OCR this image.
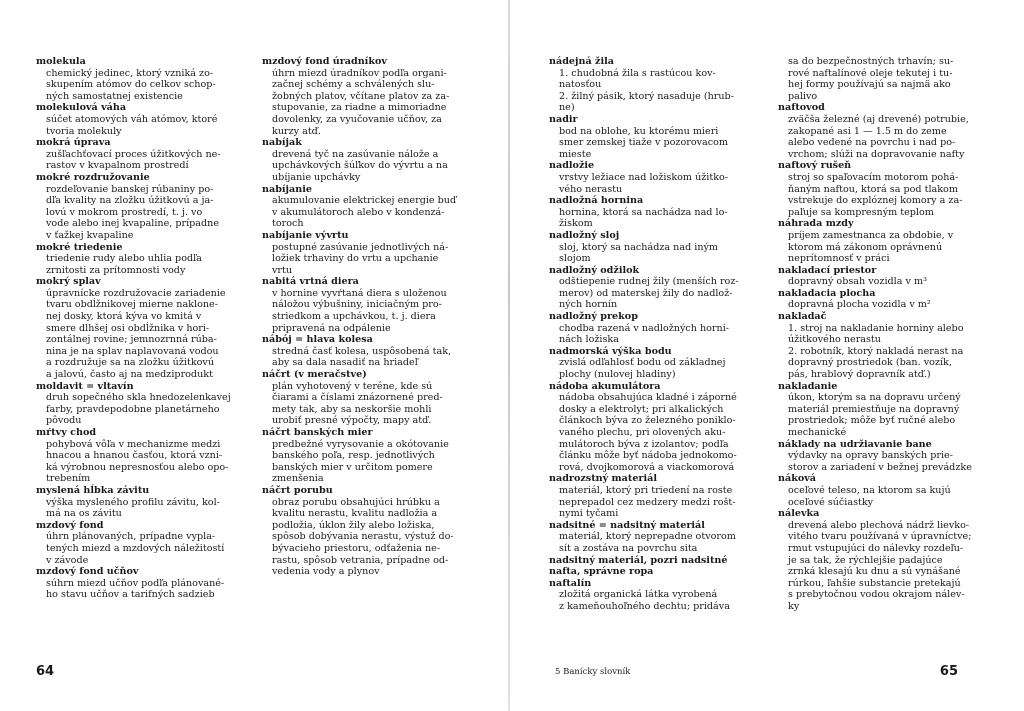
molekula
chemický jedinec, ktorý vzniká zo-
skupením atómov do celkov schop-
ných samostatnej existencie
molekulová váha
súčet atomových váh atómov, ktoré
tvoria molekuly
mokrá úprava
zušľachťovací proces úžitkových ne-
rastov v kvapalnom prostredí
mokré rozdružovanie
rozdeľovanie banskej rúbaniny po-
dľa kvality na zložku úžitkovú a ja-
lovú v mokrom prostredí, t. j. vo
vode alebo inej kvapaline, prípadne
v ťažkej kvapaline
mokré triedenie
triedenie rudy alebo uhlia podľa
zrnitosti za prítomnosti vody
mokrý splav
úpravnícke rozdružovacie zariadenie
tvaru obdĺžnikovej mierne naklone-
nej dosky, ktorá kýva vo kmitá v
smere dlhšej osi obdĺžnika v hori-
zontálnej rovine; jemnozrnná rúba-
nina je na splav naplavovaná vodou
a rozdružuje sa na zložku úžitkovú
a jalovú, často aj na medziprodukt
moldavit = vltavín
druh sopečného skla hnedozelenkavej
farby, pravdepodobne planetárneho
pôvodu
mŕtvy chod
pohybová vôľa v mechanizme medzi
hnacou a hnanou časťou, ktorá vzni-
ká výrobnou nepresnosťou alebo opo-
trebením
myslená hĺbka závitu
výška mysleného profilu závitu, kol-
má na os závitu
mzdový fond
úhrn plánovaných, prípadne vypla-
tených miezd a mzdových náležitostí
v závode
mzdový fond učňov
súhrn miezd učňov podľa plánované-
ho stavu učňov a tarifných sadzieb
mzdový fond úradníkov
úhrn miezd úradníkov podľa organi-
začnej schémy a schválených slu-
žobných platov, včítane platov za za-
stupovanie, za riadne a mimoriadne
dovolenky, za vyučovanie učňov, za
kurzy atď.
nabíjak
drevená tyč na zasúvanie náložе a
upchávkových šúľkov do vývrtu a na
ubíjanie upchávky
nabíjanie
akumulovanie elektrickej energie buď
v akumulátoroch alebo v kondenzá-
toroch
nabíjanie vývrtu
postupné zasúvanie jednotlivých ná-
ložiek trhaviny do vrtu a upchanie
vrtu
nabitá vrtná diera
v hornine vyvŕtaná diera s uloženou
náložou výbušniny, iniciačným pro-
striedkom a upchávkou, t. j. diera
pripravená na odpálenie
nábój = hlava kolesa
stredná časť kolesa, uspôsobená tak,
aby sa dala nasadiť na hriadeľ
náčrt (v meračstve)
plán vyhotovený v teréne, kde sú
čiarami a číslami znázornené pred-
mety tak, aby sa neskoršie mohli
urobiť presné výpočty, mapy atď.
náčrt banských mier
predbežné vyrysovanie a okótovanie
banského poľa, resp. jednotlivých
banských mier v určitom pomere
zmenšenia
náčrt porubu
obraz porubu obsahujúci hrúbku a
kvalitu nerastu, kvalitu nadložia a
podložia, úklon žily alebo ložiska,
spôsob dobývania nerastu, výstuž do-
bývacieho priestoru, odťaženia ne-
rastu, spôsob vetrania, prípadne od-
vedenia vody a plynov
64
nádejná žila
1. chudobná žila s rastúcou kov-
natosťou
2. žilný pásik, ktorý nasaduje (hrub-
ne)
nadir
bod na oblohe, ku ktorému mieri
smer zemskej tiaže v pozorovacom
mieste
nadložie
vrstvy ležiace nad ložiskom úžitko-
vého nerastu
nadložná hornina
hornina, ktorá sa nachádza nad lo-
žiskom
nadložný sloj
sloj, ktorý sa nachádza nad iným
slojom
nadložný odžilok
odštiepenie rudnej žily (menších roz-
merov) od materskej žily do nadlož-
ných hornín
nadložný prekop
chodba razená v nadložných horni-
nách ložiska
nadmorská výška bodu
zvislá odľahlosť bodu od základnej
plochy (nulovej hladiny)
nádoba akumulátora
nádoba obsahujúca kladné i záporné
dosky a elektrolyt; pri alkalických
článkoch býva zo železného poniklo-
vaného plechu, pri olovených aku-
mulátoroch býva z izolantov; podľa
článku môže byť nádoba jednokomo-
rová, dvojkomorová a viackomorová
nadrozstný materiál
materiál, ktorý pri triedení na roste
neprepadol cez medzery medzi rošt-
nymi tyčami
nadsitné = nadsitný materiál
materiál, ktorý neprepadne otvorom
sít a zostáva na povrchu sita
nadsitný materiál, pozri nadsitné
nafta, správne ropa
naftalín
zložitá organická látka vyrobená
z kameňouhoľného dechtu; pridáva
sa do bezpečnostných trhavín; su-
rové naftalínové oleje tekutej i tu-
hej formy používajú sa najmä ako
palivo
naftovod
zväčša železné (aj drevené) potrubie,
zakopané asi 1 — 1.5 m do zeme
alebo vedené na povrchu i nad po-
vrchom; slúži na dopravovanie nafty
naftový rušeň
stroj so spaľovacím motorom pohá-
ňaným naftou, ktorá sa pod tlakom
vstrekuje do explóznej komory a za-
paľuje sa kompresným teplom
náhrada mzdy
príjem zamestnanca za obdobie, v
ktorom má zákonom oprávnenú
neprítomnosť v práci
nakladací priestor
dopravný obsah vozidla v m³
nakladacia plocha
dopravná plocha vozidla v m²
nakladač
1. stroj na nakladanie horniny alebo
úžitkového nerastu
2. robotník, ktorý nakladá nerast na
dopravný prostriedok (ban. vozík,
pás, hrablový dopravník atď.)
nakladanie
úkon, ktorým sa na dopravu určený
materiál premiestňuje na dopravný
prostriedok; môže byť ručné alebo
mechanické
náklady na udržiavanie bane
výdavky na opravy banských prie-
storov a zariadení v bežnej prevádzke
náková
oceľové teleso, na ktorom sa kujú
oceľové súčiastky
nálevka
drevená alebo plechová nádrž lievko-
vitého tvaru používaná v úpravníctve;
rmut vstupujúci do nálevky rozdeľu-
je sa tak, že rýchlejšie padajúce
zrnká klesajú ku dnu a sú vynášané
rúrkou, ľahšie substancie pretekajú
s prebytočnou vodou okrajom nálev-
ky
5 Banícky slovník	65
